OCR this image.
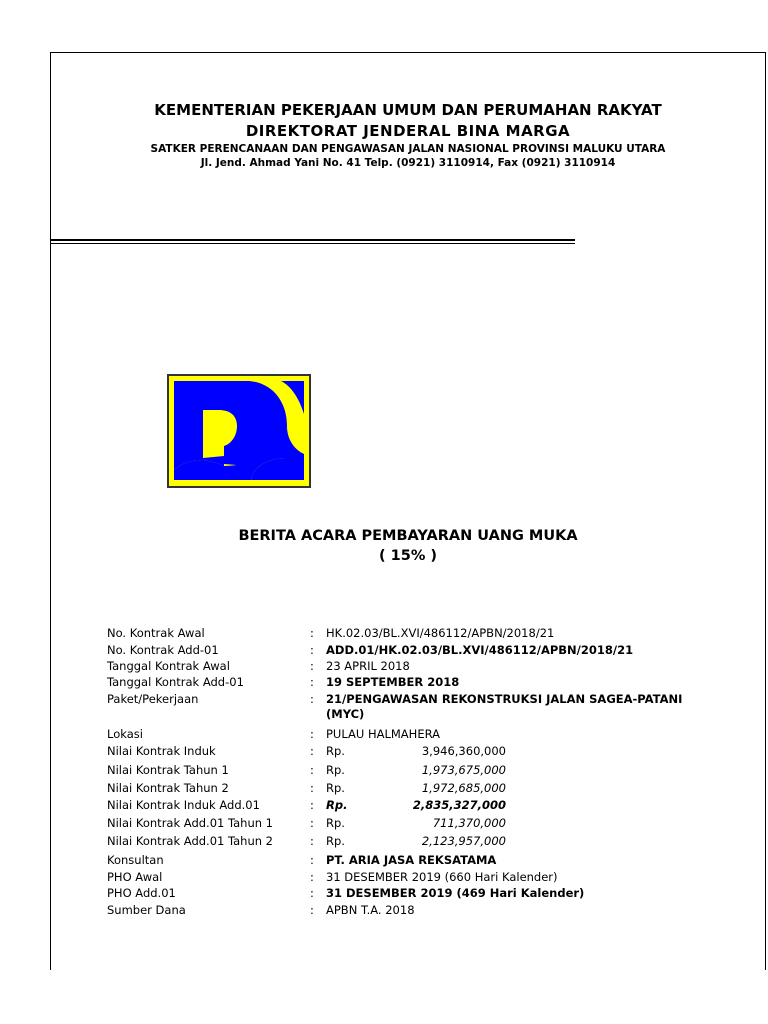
KEMENTERIAN PEKERJAAN UMUM DAN PERUMAHAN RAKYAT
DIREKTORAT JENDERAL BINA MARGA
SATKER PERENCANAAN DAN PENGAWASAN JALAN NASIONAL PROVINSI MALUKU UTARA
Jl. Jend. Ahmad Yani No. 41 Telp. (0921) 3110914, Fax (0921) 3110914
BERITA ACARA PEMBAYARAN UANG MUKA
( 15% )
No. Kontrak Awal	: HK.02.03/BL.XVI/486112/APBN/2018/21
No. Kontrak Add-01	: ADD.01/HK.02.03/BL.XVI/486112/APBN/2018/21
Tanggal Kontrak Awal	: 23 APRIL 2018
Tanggal Kontrak Add-01	: 19 SEPTEMBER 2018
Paket/Pekerjaan	: 21/PENGAWASAN REKONSTRUKSI JALAN SAGEA-PATANI (MYC)
Lokasi	: PULAU HALMAHERA
Nilai Kontrak Induk	: Rp.	3,946,360,000
Nilai Kontrak Tahun 1	: Rp.	1,973,675,000
Nilai Kontrak Tahun 2	: Rp.	1,972,685,000
Nilai Kontrak Induk Add.01	: Rp.	2,835,327,000
Nilai Kontrak Add.01 Tahun 1	: Rp.	711,370,000
Nilai Kontrak Add.01 Tahun 2	: Rp.	2,123,957,000
Konsultan	: PT. ARIA JASA REKSATAMA
PHO Awal	: 31 DESEMBER 2019 (660 Hari Kalender)
PHO Add.01	: 31 DESEMBER 2019 (469 Hari Kalender)
Sumber Dana	: APBN T.A. 2018
